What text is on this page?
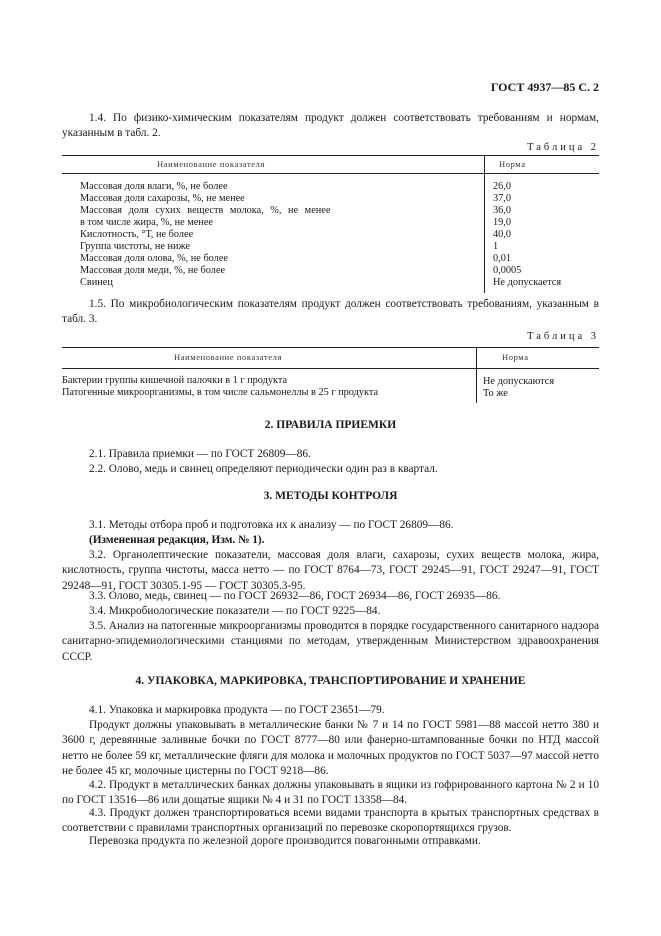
ГОСТ 4937—85 С. 2

1.4. По физико-химическим показателям продукт должен соответствовать требованиям и нормам, указанным в табл. 2.

Таблица 2
Наименование показателя	Норма
Массовая доля влаги, %, не более	26,0
Массовая доля сахарозы, %, не менее	37,0
Массовая доля сухих веществ молока, %, не менее	36,0
в том числе жира, %, не менее	19,0
Кислотность, °Т, не более	40,0
Группа чистоты, не ниже	1
Массовая доля олова, %, не более	0,01
Массовая доля меди, %, не более	0,0005
Свинец	Не допускается

1.5. По микробиологическим показателям продукт должен соответствовать требованиям, указанным в табл. 3.

Таблица 3
Наименование показателя	Норма
Бактерии группы кишечной палочки в 1 г продукта	Не допускаются
Патогенные микроорганизмы, в том числе сальмонеллы в 25 г продукта	То же
2. ПРАВИЛА ПРИЕМКИ

2.1. Правила приемки — по ГОСТ 26809—86.

2.2. Олово, медь и свинец определяют периодически один раз в квартал.

3. МЕТОДЫ КОНТРОЛЯ

3.1. Методы отбора проб и подготовка их к анализу — по ГОСТ 26809—86.

(Измененная редакция, Изм. № 1).

3.2. Органолептические показатели, массовая доля влаги, сахарозы, сухих веществ молока, жира, кислотность, группа чистоты, масса нетто — по ГОСТ 8764—73, ГОСТ 29245—91, ГОСТ 29247—91, ГОСТ 29248—91, ГОСТ 30305.1-95 — ГОСТ 30305.3-95.

3.3. Олово, медь, свинец — по ГОСТ 26932—86, ГОСТ 26934—86, ГОСТ 26935—86.

3.4. Микробиологические показатели — по ГОСТ 9225—84.

3.5. Анализ на патогенные микроорганизмы проводится в порядке государственного санитарного надзора санитарно-эпидемиологическими станциями по методам, утвержденным Министерством здравоохранения СССР.

4. УПАКОВКА, МАРКИРОВКА, ТРАНСПОРТИРОВАНИЕ И ХРАНЕНИЕ

4.1. Упаковка и маркировка продукта — по ГОСТ 23651—79.

Продукт должны упаковывать в металлические банки № 7 и 14 по ГОСТ 5981—88 массой нетто 380 и 3600 г, деревянные заливные бочки по ГОСТ 8777—80 или фанерно-штампованные бочки по НТД массой нетто не более 59 кг, металлические фляги для молока и молочных продуктов по ГОСТ 5037—97 массой нетто не более 45 кг, молочные цистерны по ГОСТ 9218—86.

4.2. Продукт в металлических банках должны упаковывать в ящики из гофрированного картона № 2 и 10 по ГОСТ 13516—86 или дощатые ящики № 4 и 31 по ГОСТ 13358—84.

4.3. Продукт должен транспортироваться всеми видами транспорта в крытых транспортных средствах в соответствии с правилами транспортных организаций по перевозке скоропортящихся грузов.

Перевозка продукта по железной дороге производится повагонными отправками.
